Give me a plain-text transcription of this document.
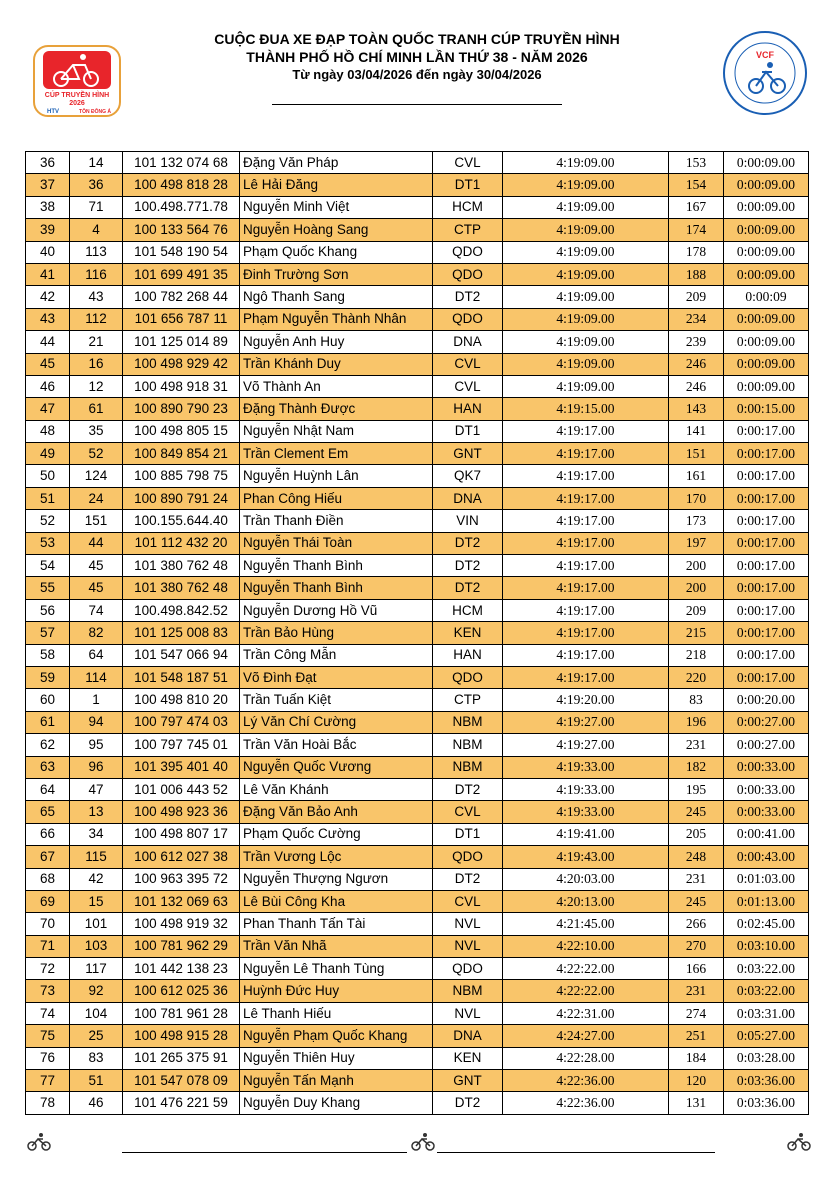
CUỘC ĐUA XE ĐẠP TOÀN QUỐC TRANH CÚP TRUYỀN HÌNH
THÀNH PHỐ HỒ CHÍ MINH LẦN THỨ 38 - NĂM 2026
Từ ngày 03/04/2026 đến ngày 30/04/2026
CÚP TRUYỀN HÌNH
2026
HTV	TÔN ĐÔNG Á
VCF
36	14	101 132 074 68	Đặng Văn Pháp	CVL	4:19:09.00	153	0:00:09.00
37	36	100 498 818 28	Lê Hải Đăng	DT1	4:19:09.00	154	0:00:09.00
38	71	100.498.771.78	Nguyễn Minh Việt	HCM	4:19:09.00	167	0:00:09.00
39	4	100 133 564 76	Nguyễn Hoàng Sang	CTP	4:19:09.00	174	0:00:09.00
40	113	101 548 190 54	Phạm Quốc Khang	QDO	4:19:09.00	178	0:00:09.00
41	116	101 699 491 35	Đinh Trường Sơn	QDO	4:19:09.00	188	0:00:09.00
42	43	100 782 268 44	Ngô Thanh Sang	DT2	4:19:09.00	209	0:00:09
43	112	101 656 787 11	Phạm Nguyễn Thành Nhân	QDO	4:19:09.00	234	0:00:09.00
44	21	101 125 014 89	Nguyễn Anh Huy	DNA	4:19:09.00	239	0:00:09.00
45	16	100 498 929 42	Trần Khánh Duy	CVL	4:19:09.00	246	0:00:09.00
46	12	100 498 918 31	Võ Thành An	CVL	4:19:09.00	246	0:00:09.00
47	61	100 890 790 23	Đặng Thành Được	HAN	4:19:15.00	143	0:00:15.00
48	35	100 498 805 15	Nguyễn Nhật Nam	DT1	4:19:17.00	141	0:00:17.00
49	52	100 849 854 21	Trần Clement Em	GNT	4:19:17.00	151	0:00:17.00
50	124	100 885 798 75	Nguyễn Huỳnh Lân	QK7	4:19:17.00	161	0:00:17.00
51	24	100 890 791 24	Phan Công Hiếu	DNA	4:19:17.00	170	0:00:17.00
52	151	100.155.644.40	Trần Thanh Điền	VIN	4:19:17.00	173	0:00:17.00
53	44	101 112 432 20	Nguyễn Thái Toàn	DT2	4:19:17.00	197	0:00:17.00
54	45	101 380 762 48	Nguyễn Thanh Bình	DT2	4:19:17.00	200	0:00:17.00
55	45	101 380 762 48	Nguyễn Thanh Bình	DT2	4:19:17.00	200	0:00:17.00
56	74	100.498.842.52	Nguyễn Dương Hồ Vũ	HCM	4:19:17.00	209	0:00:17.00
57	82	101 125 008 83	Trần Bảo Hùng	KEN	4:19:17.00	215	0:00:17.00
58	64	101 547 066 94	Trần Công Mẫn	HAN	4:19:17.00	218	0:00:17.00
59	114	101 548 187 51	Võ Đình Đạt	QDO	4:19:17.00	220	0:00:17.00
60	1	100 498 810 20	Trần Tuấn Kiệt	CTP	4:19:20.00	83	0:00:20.00
61	94	100 797 474 03	Lý Văn Chí Cường	NBM	4:19:27.00	196	0:00:27.00
62	95	100 797 745 01	Trần Văn Hoài Bắc	NBM	4:19:27.00	231	0:00:27.00
63	96	101 395 401 40	Nguyễn Quốc Vương	NBM	4:19:33.00	182	0:00:33.00
64	47	101 006 443 52	Lê Văn Khánh	DT2	4:19:33.00	195	0:00:33.00
65	13	100 498 923 36	Đặng Văn Bảo Anh	CVL	4:19:33.00	245	0:00:33.00
66	34	100 498 807 17	Phạm Quốc Cường	DT1	4:19:41.00	205	0:00:41.00
67	115	100 612 027 38	Trần Vương Lộc	QDO	4:19:43.00	248	0:00:43.00
68	42	100 963 395 72	Nguyễn Thượng Ngươn	DT2	4:20:03.00	231	0:01:03.00
69	15	101 132 069 63	Lê Bùi Công Kha	CVL	4:20:13.00	245	0:01:13.00
70	101	100 498 919 32	Phan Thanh Tấn Tài	NVL	4:21:45.00	266	0:02:45.00
71	103	100 781 962 29	Trần Văn Nhã	NVL	4:22:10.00	270	0:03:10.00
72	117	101 442 138 23	Nguyễn Lê Thanh Tùng	QDO	4:22:22.00	166	0:03:22.00
73	92	100 612 025 36	Huỳnh Đức Huy	NBM	4:22:22.00	231	0:03:22.00
74	104	100 781 961 28	Lê Thanh Hiếu	NVL	4:22:31.00	274	0:03:31.00
75	25	100 498 915 28	Nguyễn Phạm Quốc Khang	DNA	4:24:27.00	251	0:05:27.00
76	83	101 265 375 91	Nguyễn Thiên Huy	KEN	4:22:28.00	184	0:03:28.00
77	51	101 547 078 09	Nguyễn Tấn Mạnh	GNT	4:22:36.00	120	0:03:36.00
78	46	101 476 221 59	Nguyễn Duy Khang	DT2	4:22:36.00	131	0:03:36.00
